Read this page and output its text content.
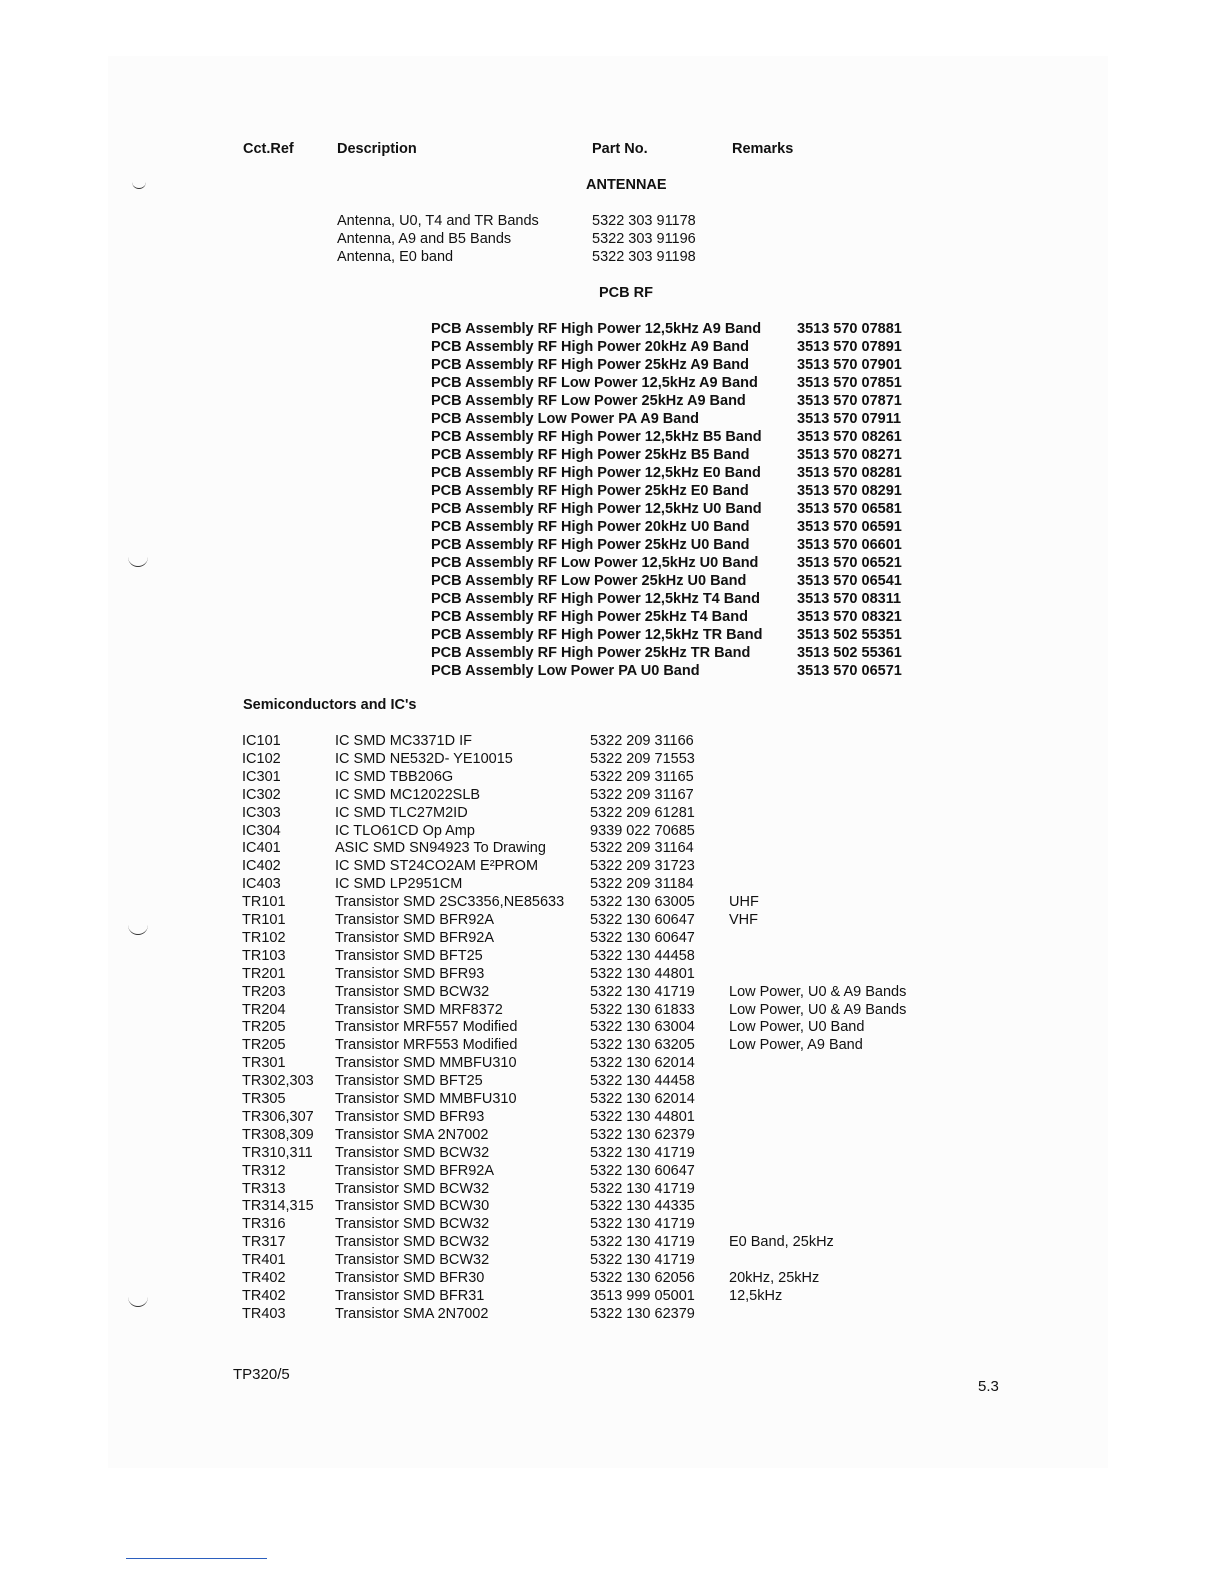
Cct.Ref	Description	Part No.	Remarks
ANTENNAE
Antenna, U0, T4 and TR Bands	5322 303 91178
Antenna, A9 and B5 Bands	5322 303 91196
Antenna, E0 band	5322 303 91198
PCB RF
PCB Assembly RF High Power 12,5kHz A9 Band 3513 570 07881
PCB Assembly RF High Power 20kHz A9 Band	3513 570 07891
PCB Assembly RF High Power 25kHz A9 Band	3513 570 07901
PCB Assembly RF Low Power 12,5kHz A9 Band	3513 570 07851
PCB Assembly RF Low Power 25kHz A9 Band	3513 570 07871
PCB Assembly Low Power PA A9 Band	3513 570 07911
PCB Assembly RF High Power 12,5kHz B5 Band 3513 570 08261
PCB Assembly RF High Power 25kHz B5 Band	3513 570 08271
PCB Assembly RF High Power 12,5kHz E0 Band 3513 570 08281
PCB Assembly RF High Power 25kHz E0 Band	3513 570 08291
PCB Assembly RF High Power 12,5kHz U0 Band 3513 570 06581
PCB Assembly RF High Power 20kHz U0 Band	3513 570 06591
PCB Assembly RF High Power 25kHz U0 Band	3513 570 06601
PCB Assembly RF Low Power 12,5kHz U0 Band	3513 570 06521
PCB Assembly RF Low Power 25kHz U0 Band	3513 570 06541
PCB Assembly RF High Power 12,5kHz T4 Band	3513 570 08311
PCB Assembly RF High Power 25kHz T4 Band	3513 570 08321
PCB Assembly RF High Power 12,5kHz TR Band 3513 502 55351
PCB Assembly RF High Power 25kHz TR Band	3513 502 55361
PCB Assembly Low Power PA U0 Band	3513 570 06571
Semiconductors and IC's
IC101	IC SMD MC3371D IF	5322 209 31166
IC102	IC SMD NE532D- YE10015	5322 209 71553
IC301	IC SMD TBB206G	5322 209 31165
IC302	IC SMD MC12022SLB	5322 209 31167
IC303	IC SMD TLC27M2ID	5322 209 61281
IC304	IC TLO61CD Op Amp	9339 022 70685
IC401	ASIC SMD SN94923 To Drawing	5322 209 31164
IC402	IC SMD ST24CO2AM E²PROM	5322 209 31723
IC403	IC SMD LP2951CM	5322 209 31184
TR101	Transistor SMD 2SC3356,NE85633 5322 130 63005 UHF
TR101	Transistor SMD BFR92A	5322 130 60647 VHF
TR102	Transistor SMD BFR92A	5322 130 60647
TR103	Transistor SMD BFT25	5322 130 44458
TR201	Transistor SMD BFR93	5322 130 44801
TR203	Transistor SMD BCW32	5322 130 41719 Low Power, U0 & A9 Bands
TR204	Transistor SMD MRF8372	5322 130 61833 Low Power, U0 & A9 Bands
TR205	Transistor MRF557 Modified	5322 130 63004 Low Power, U0 Band
TR205	Transistor MRF553 Modified	5322 130 63205 Low Power, A9 Band
TR301	Transistor SMD MMBFU310	5322 130 62014
TR302,303 Transistor SMD BFT25	5322 130 44458
TR305	Transistor SMD MMBFU310	5322 130 62014
TR306,307 Transistor SMD BFR93	5322 130 44801
TR308,309 Transistor SMA 2N7002	5322 130 62379
TR310,311 Transistor SMD BCW32	5322 130 41719
TR312	Transistor SMD BFR92A	5322 130 60647
TR313	Transistor SMD BCW32	5322 130 41719
TR314,315 Transistor SMD BCW30	5322 130 44335
TR316	Transistor SMD BCW32	5322 130 41719
TR317	Transistor SMD BCW32	5322 130 41719 E0 Band, 25kHz
TR401	Transistor SMD BCW32	5322 130 41719
TR402	Transistor SMD BFR30	5322 130 62056 20kHz, 25kHz
TR402	Transistor SMD BFR31	3513 999 05001 12,5kHz
TR403	Transistor SMA 2N7002	5322 130 62379
TP320/5
5.3
